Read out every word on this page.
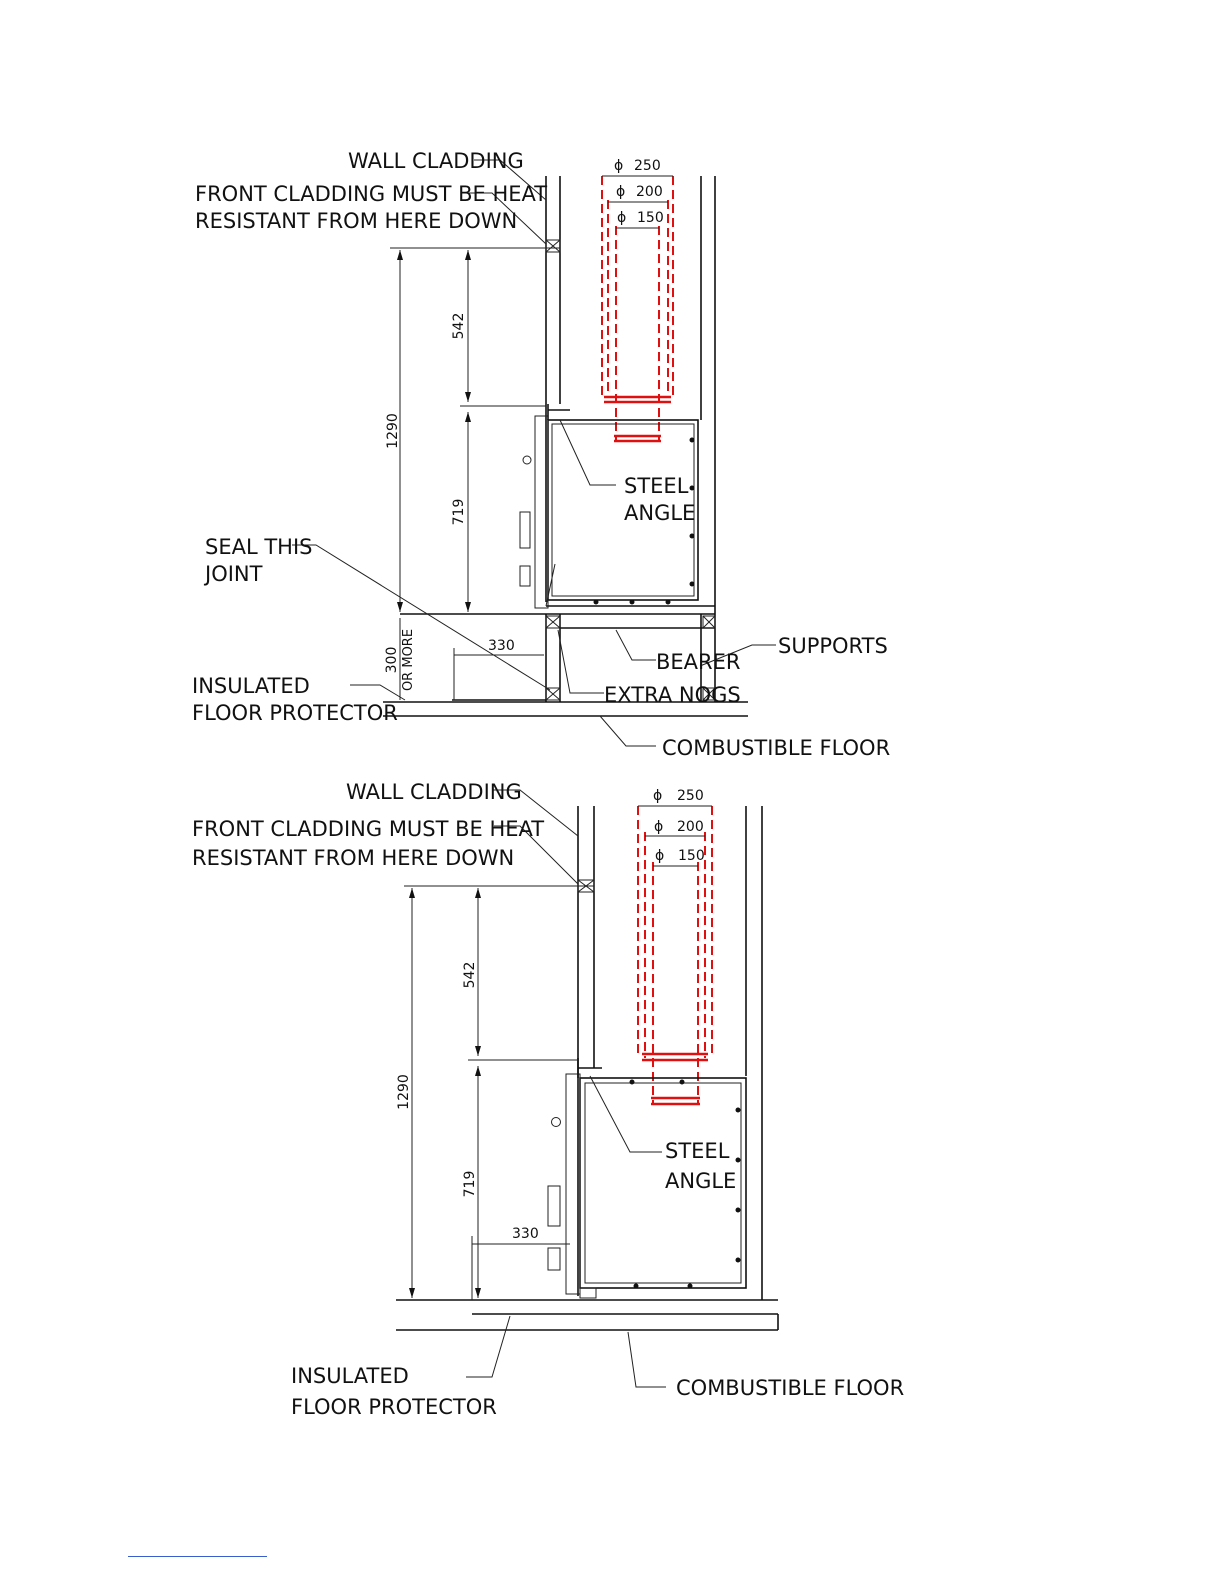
ϕ 250
ϕ 200
ϕ 150
1290
542
719
330
300 OR MORE
WALL CLADDING
FRONT CLADDING MUST BE HEAT
RESISTANT FROM HERE DOWN
STEEL
ANGLE
SEAL THIS
JOINT
SUPPORTS
BEARER
EXTRA NOGS
INSULATED
FLOOR PROTECTOR
COMBUSTIBLE FLOOR
ϕ 250
ϕ 200
ϕ 150
1290
542
719
330
WALL CLADDING
FRONT CLADDING MUST BE HEAT
RESISTANT FROM HERE DOWN
STEEL
ANGLE
INSULATED
FLOOR PROTECTOR
COMBUSTIBLE FLOOR
